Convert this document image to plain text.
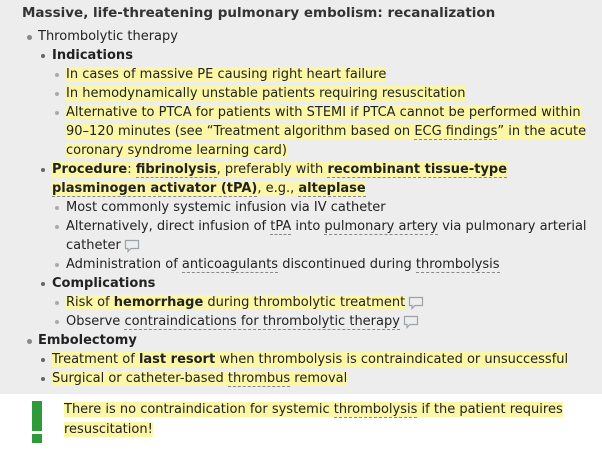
Massive, life-threatening pulmonary embolism: recanalization
Thrombolytic therapy
Indications
In cases of massive PE causing right heart failure
In hemodynamically unstable patients requiring resuscitation
Alternative to PTCA for patients with STEMI if PTCA cannot be performed within 90–120 minutes (see “Treatment algorithm based on ECG findings” in the acute coronary syndrome learning card)
Procedure: fibrinolysis, preferably with recombinant tissue-type plasminogen activator (tPA), e.g., alteplase
Most commonly systemic infusion via IV catheter
Alternatively, direct infusion of tPA into pulmonary artery via pulmonary arterial catheter
Administration of anticoagulants discontinued during thrombolysis
Complications
Risk of hemorrhage during thrombolytic treatment
Observe contraindications for thrombolytic therapy
Embolectomy
Treatment of last resort when thrombolysis is contraindicated or unsuccessful
Surgical or catheter-based thrombus removal
There is no contraindication for systemic thrombolysis if the patient requires resuscitation!
